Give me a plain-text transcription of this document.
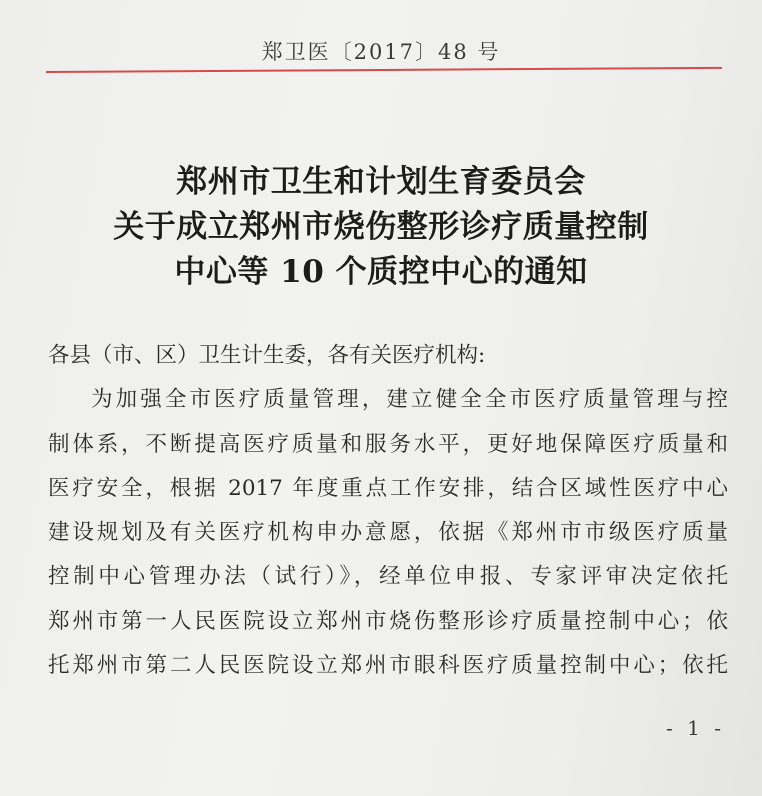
郑卫医〔2017〕48 号
郑州市卫生和计划生育委员会
关于成立郑州市烧伤整形诊疗质量控制
中心等 10 个质控中心的通知
各县（市、区）卫生计生委，各有关医疗机构:
为加强全市医疗质量管理，建立健全全市医疗质量管理与控
制体系，不断提高医疗质量和服务水平，更好地保障医疗质量和
医疗安全，根据 2017 年度重点工作安排，结合区域性医疗中心
建设规划及有关医疗机构申办意愿，依据《郑州市市级医疗质量
控制中心管理办法（试行）》，经单位申报、专家评审决定依托
郑州市第一人民医院设立郑州市烧伤整形诊疗质量控制中心；依
托郑州市第二人民医院设立郑州市眼科医疗质量控制中心；依托
- 1 -
